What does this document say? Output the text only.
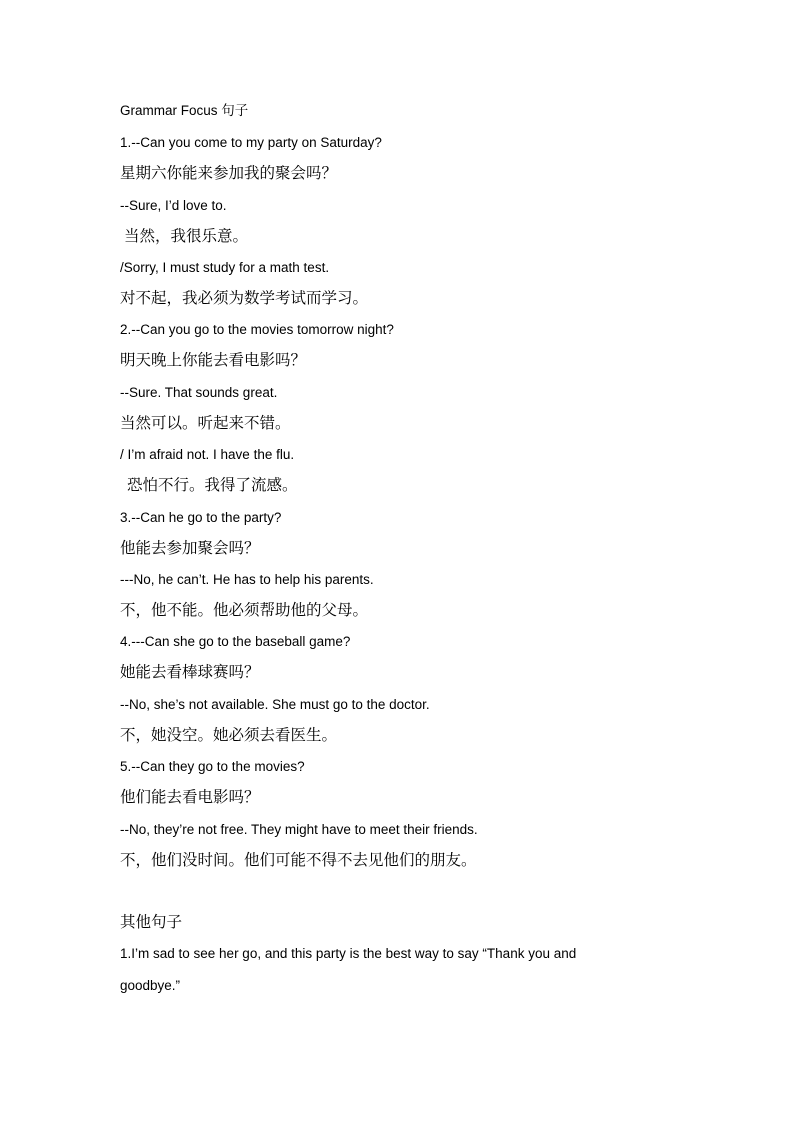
Grammar Focus 句子

1.--Can you come to my party on Saturday?

星期六你能来参加我的聚会吗？

--Sure, I’d love to.

当然，我很乐意。

/Sorry, I must study for a math test.

对不起，我必须为数学考试而学习。

2.--Can you go to the movies tomorrow night?

明天晚上你能去看电影吗？

--Sure. That sounds great.

当然可以。听起来不错。

/ I’m afraid not. I have the flu.

恐怕不行。我得了流感。

3.--Can he go to the party?

他能去参加聚会吗？

---No, he can’t. He has to help his parents.

不，他不能。他必须帮助他的父母。

4.---Can she go to the baseball game?

她能去看棒球赛吗？

--No, she’s not available. She must go to the doctor.

不，她没空。她必须去看医生。

5.--Can they go to the movies?

他们能去看电影吗？

--No, they’re not free. They might have to meet their friends.

不，他们没时间。他们可能不得不去见他们的朋友。

其他句子

1.I’m sad to see her go, and this party is the best way to say “Thank you and goodbye.”
